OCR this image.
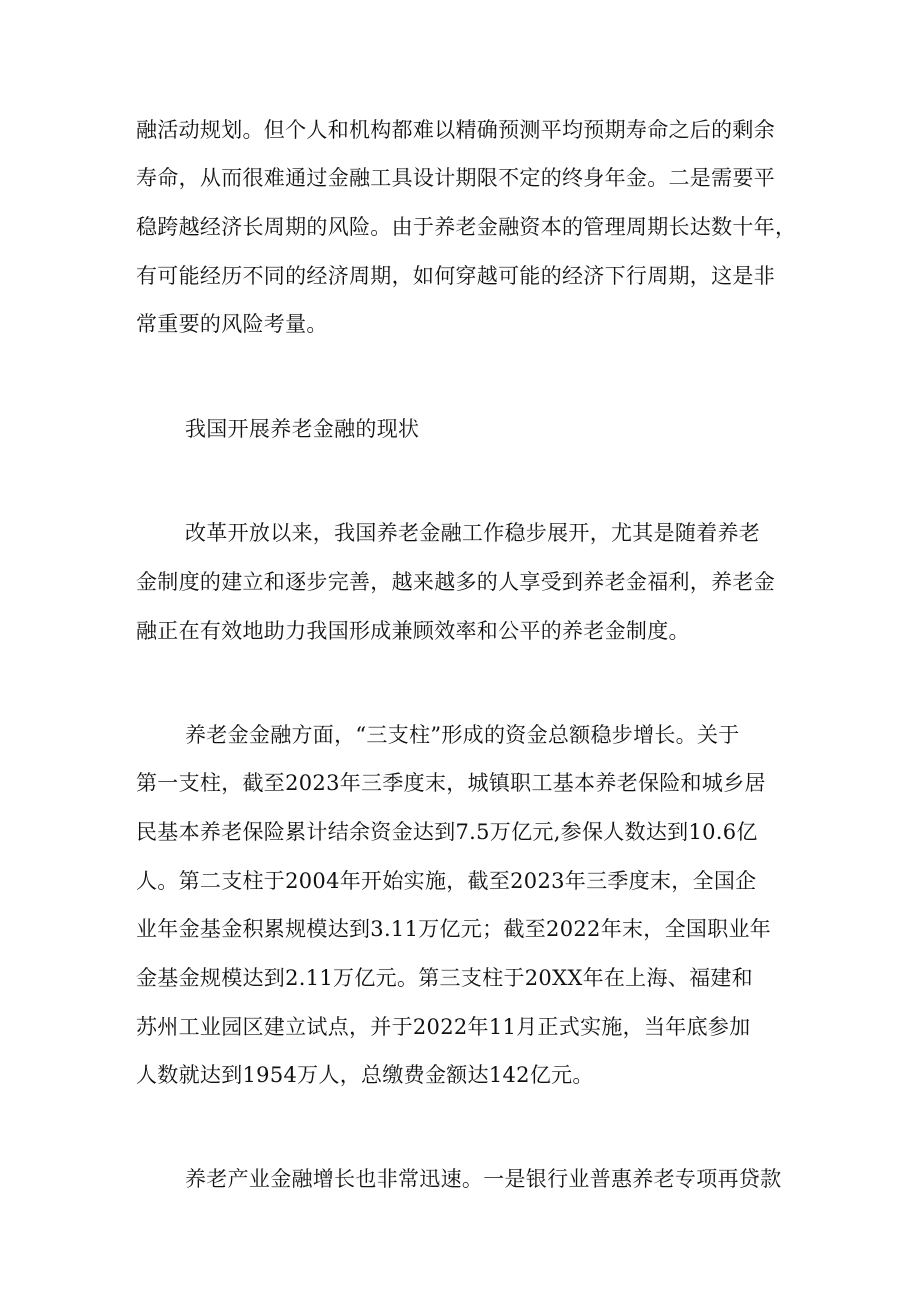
融活动规划。但个人和机构都难以精确预测平均预期寿命之后的剩余
寿命，从而很难通过金融工具设计期限不定的终身年金。二是需要平
稳跨越经济长周期的风险。由于养老金融资本的管理周期长达数十年，
有可能经历不同的经济周期，如何穿越可能的经济下行周期，这是非
常重要的风险考量。
我国开展养老金融的现状
改革开放以来，我国养老金融工作稳步展开，尤其是随着养老
金制度的建立和逐步完善，越来越多的人享受到养老金福利，养老金
融正在有效地助力我国形成兼顾效率和公平的养老金制度。
养老金金融方面，“三支柱”形成的资金总额稳步增长。关于
第一支柱，截至2023年三季度末，城镇职工基本养老保险和城乡居
民基本养老保险累计结余资金达到7.5万亿元,参保人数达到10.6亿
人。第二支柱于2004年开始实施，截至2023年三季度末，全国企
业年金基金积累规模达到3.11万亿元；截至2022年末，全国职业年
金基金规模达到2.11万亿元。第三支柱于20XX年在上海、福建和
苏州工业园区建立试点，并于2022年11月正式实施，当年底参加
人数就达到1954万人，总缴费金额达142亿元。
养老产业金融增长也非常迅速。一是银行业普惠养老专项再贷款
